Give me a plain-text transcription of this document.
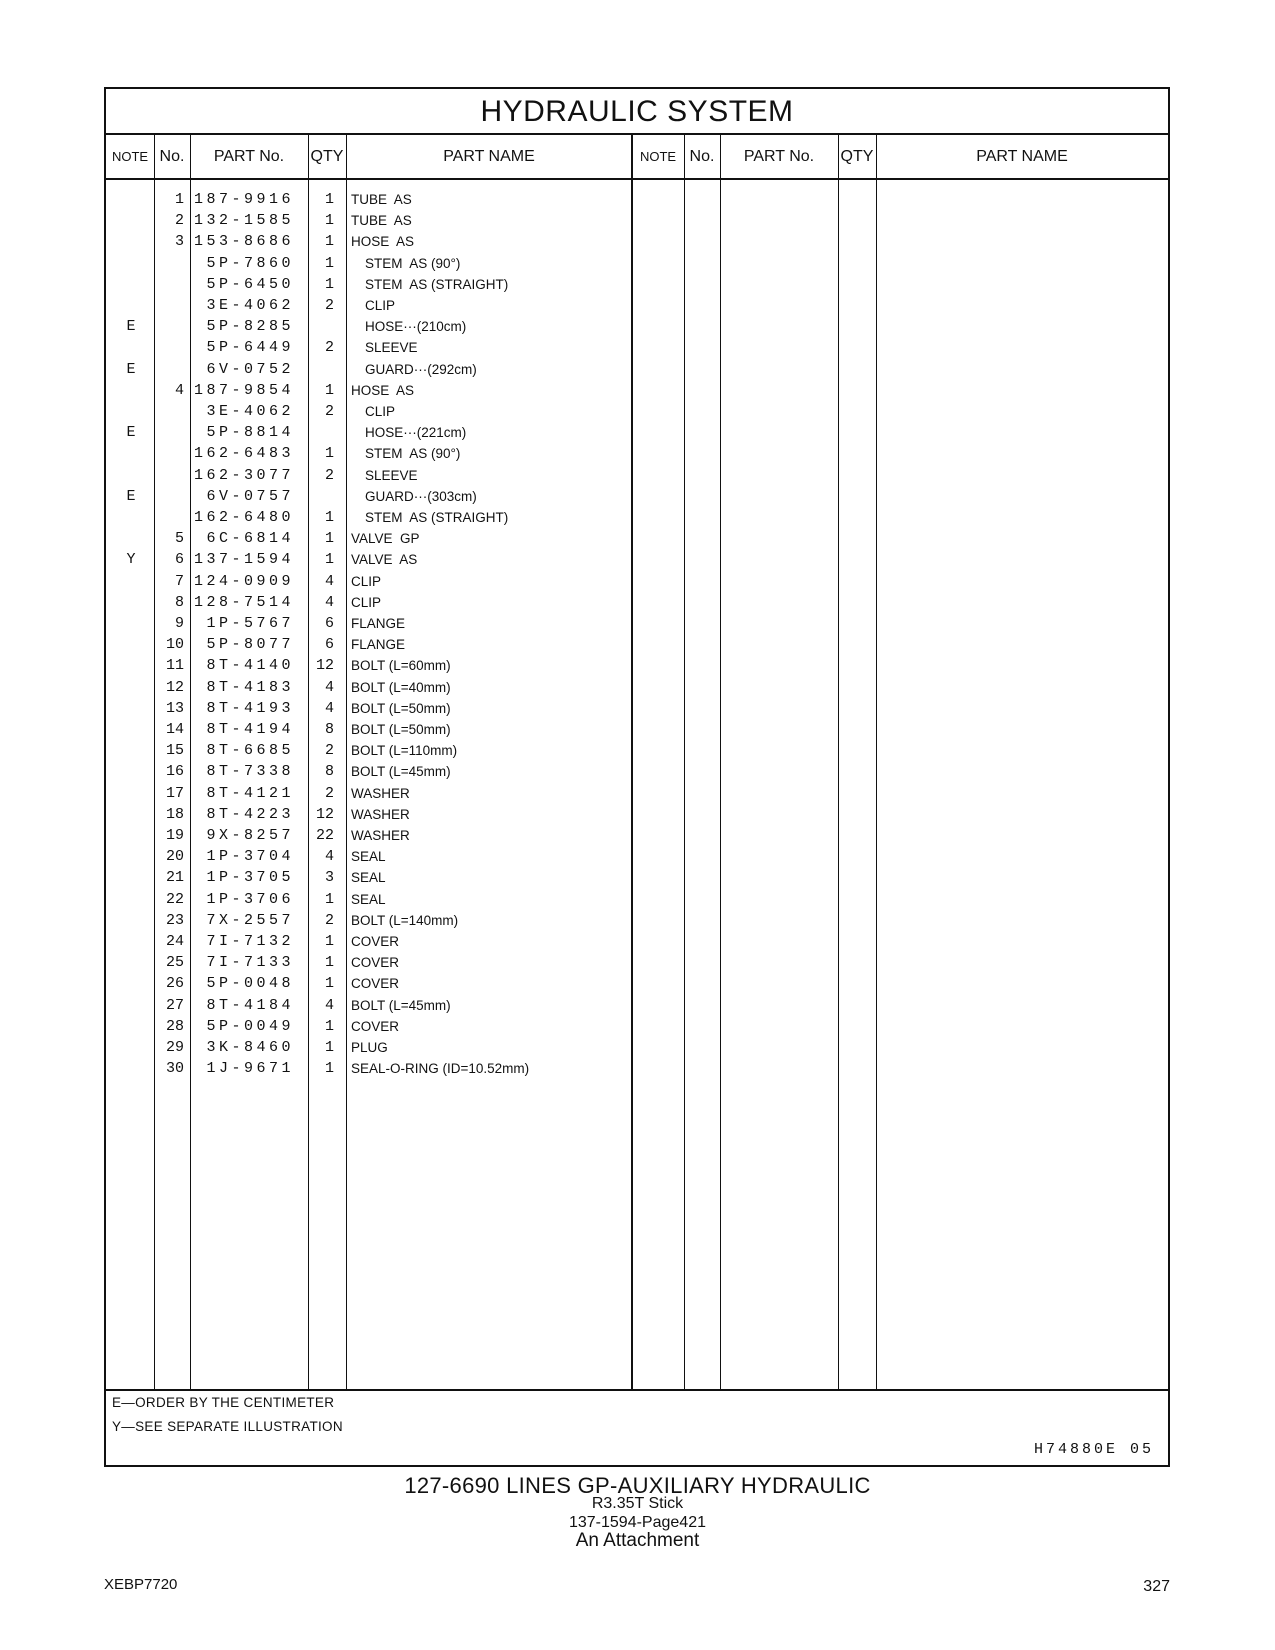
HYDRAULIC SYSTEM
NOTE No.	PART No.	QTY	PART NAME	NOTE No.	PART No.	QTY	PART NAME
1 187-9916	1 TUBE  AS
2 132-1585	1 TUBE  AS
3 153-8686	1 HOSE  AS
5P-7860	1 STEM  AS (90°)
5P-6450	1 STEM  AS (STRAIGHT)
3E-4062	2 CLIP
E	5P-8285	HOSE···(210cm)
5P-6449	2 SLEEVE
E	6V-0752	GUARD···(292cm)
4 187-9854	1 HOSE  AS
3E-4062	2 CLIP
E	5P-8814	HOSE···(221cm)
162-6483	1 STEM  AS (90°)
162-3077	2 SLEEVE
E	6V-0757	GUARD···(303cm)
162-6480	1 STEM  AS (STRAIGHT)
5	6C-6814	1 VALVE  GP
Y	6 137-1594	1 VALVE  AS
7 124-0909	4 CLIP
8 128-7514	4 CLIP
9	1P-5767	6 FLANGE
10	5P-8077	6 FLANGE
11	8T-4140	12 BOLT (L=60mm)
12	8T-4183	4 BOLT (L=40mm)
13	8T-4193	4 BOLT (L=50mm)
14	8T-4194	8 BOLT (L=50mm)
15	8T-6685	2 BOLT (L=110mm)
16	8T-7338	8 BOLT (L=45mm)
17	8T-4121	2 WASHER
18	8T-4223	12 WASHER
19	9X-8257	22 WASHER
20	1P-3704	4 SEAL
21	1P-3705	3 SEAL
22	1P-3706	1 SEAL
23	7X-2557	2 BOLT (L=140mm)
24	7I-7132	1 COVER
25	7I-7133	1 COVER
26	5P-0048	1 COVER
27	8T-4184	4 BOLT (L=45mm)
28	5P-0049	1 COVER
29	3K-8460	1 PLUG
30	1J-9671	1 SEAL-O-RING (ID=10.52mm)
E—ORDER BY THE CENTIMETER
Y—SEE SEPARATE ILLUSTRATION
H74880E 05
127-6690 LINES GP-AUXILIARY HYDRAULIC
R3.35T Stick
137-1594-Page421
An Attachment
XEBP7720	327
